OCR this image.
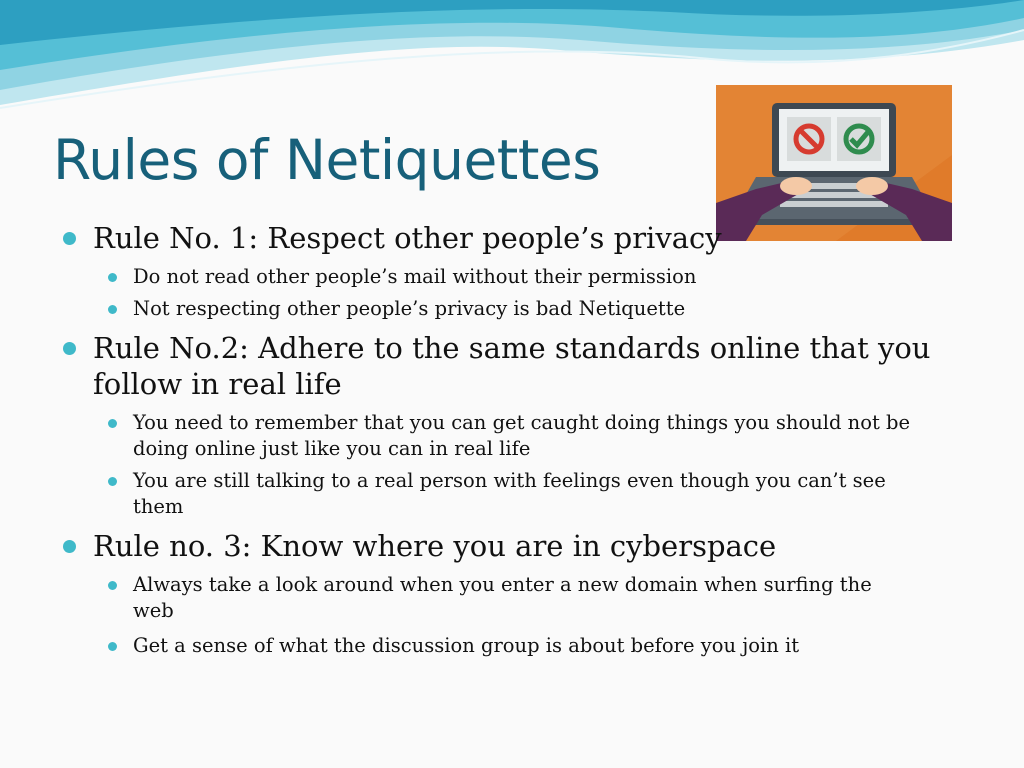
Rules of Netiquettes
Rule No. 1: Respect other people’s privacy
Do not read other people’s mail without their permission
Not respecting other people’s privacy is bad Netiquette
Rule No.2: Adhere to the same standards online that you
follow in real life
You need to remember that you can get caught doing things you should not be
doing online just like you can in real life
You are still talking to a real person with feelings even though you can’t see
them
Rule no. 3: Know where you are in cyberspace
Always take a look around when you enter a new domain when surfing the
web
Get a sense of what the discussion group is about before you join it
